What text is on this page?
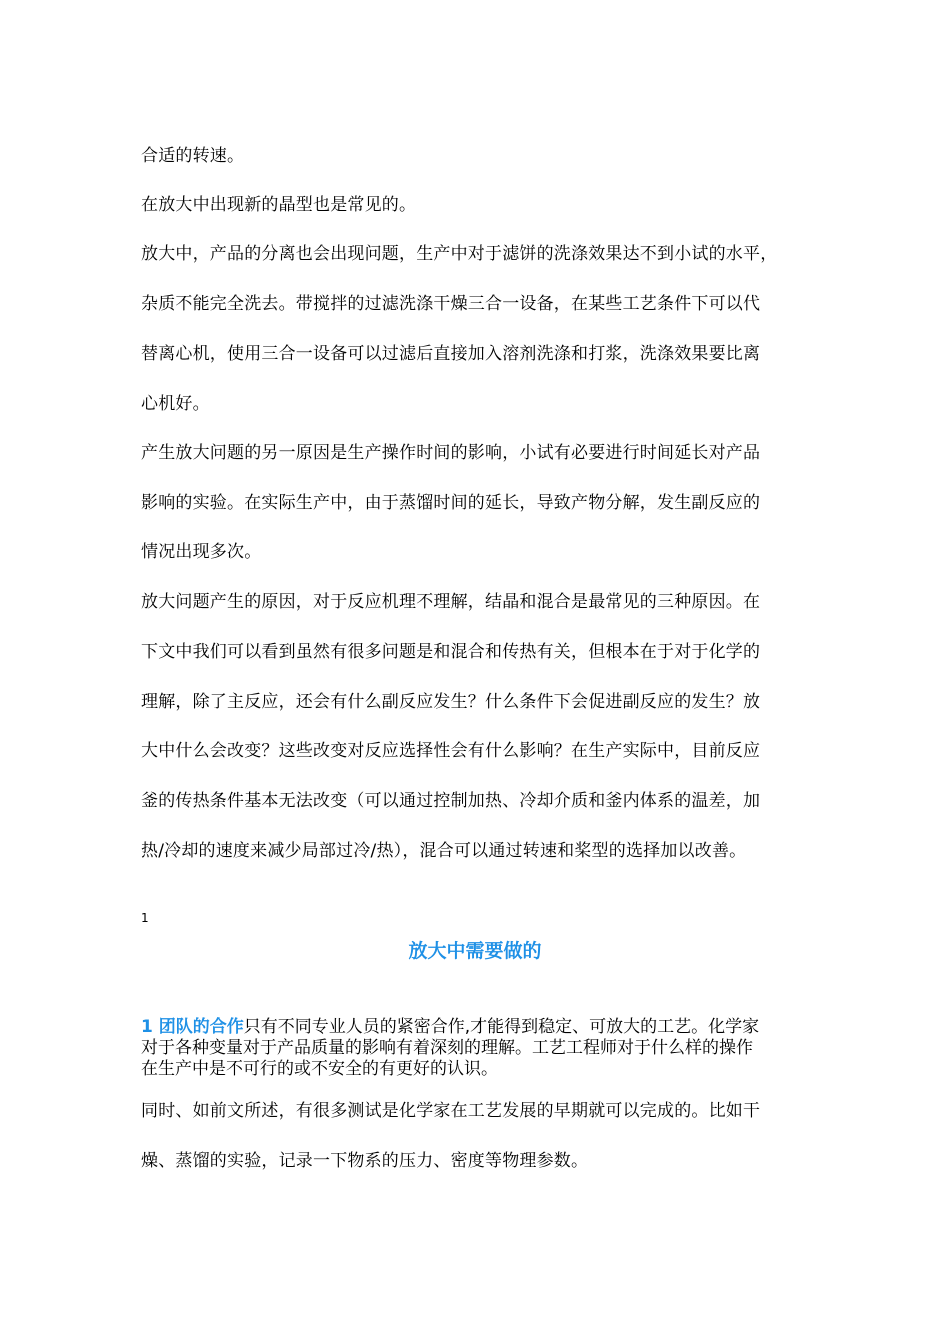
合适的转速。
在放大中出现新的晶型也是常见的。
放大中，产品的分离也会出现问题，生产中对于滤饼的洗涤效果达不到小试的水平，
杂质不能完全洗去。带搅拌的过滤洗涤干燥三合一设备，在某些工艺条件下可以代
替离心机，使用三合一设备可以过滤后直接加入溶剂洗涤和打浆，洗涤效果要比离
心机好。
产生放大问题的另一原因是生产操作时间的影响，小试有必要进行时间延长对产品
影响的实验。在实际生产中，由于蒸馏时间的延长，导致产物分解，发生副反应的
情况出现多次。
放大问题产生的原因，对于反应机理不理解，结晶和混合是最常见的三种原因。在
下文中我们可以看到虽然有很多问题是和混合和传热有关，但根本在于对于化学的
理解，除了主反应，还会有什么副反应发生？什么条件下会促进副反应的发生？放
大中什么会改变？这些改变对反应选择性会有什么影响？在生产实际中，目前反应
釜的传热条件基本无法改变（可以通过控制加热、冷却介质和釜内体系的温差，加
热/冷却的速度来减少局部过冷/热），混合可以通过转速和桨型的选择加以改善。
1
放大中需要做的
1 团队的合作只有不同专业人员的紧密合作,才能得到稳定、可放大的工艺。化学家
对于各种变量对于产品质量的影响有着深刻的理解。工艺工程师对于什么样的操作
在生产中是不可行的或不安全的有更好的认识。
同时、如前文所述，有很多测试是化学家在工艺发展的早期就可以完成的。比如干
燥、蒸馏的实验，记录一下物系的压力、密度等物理参数。
